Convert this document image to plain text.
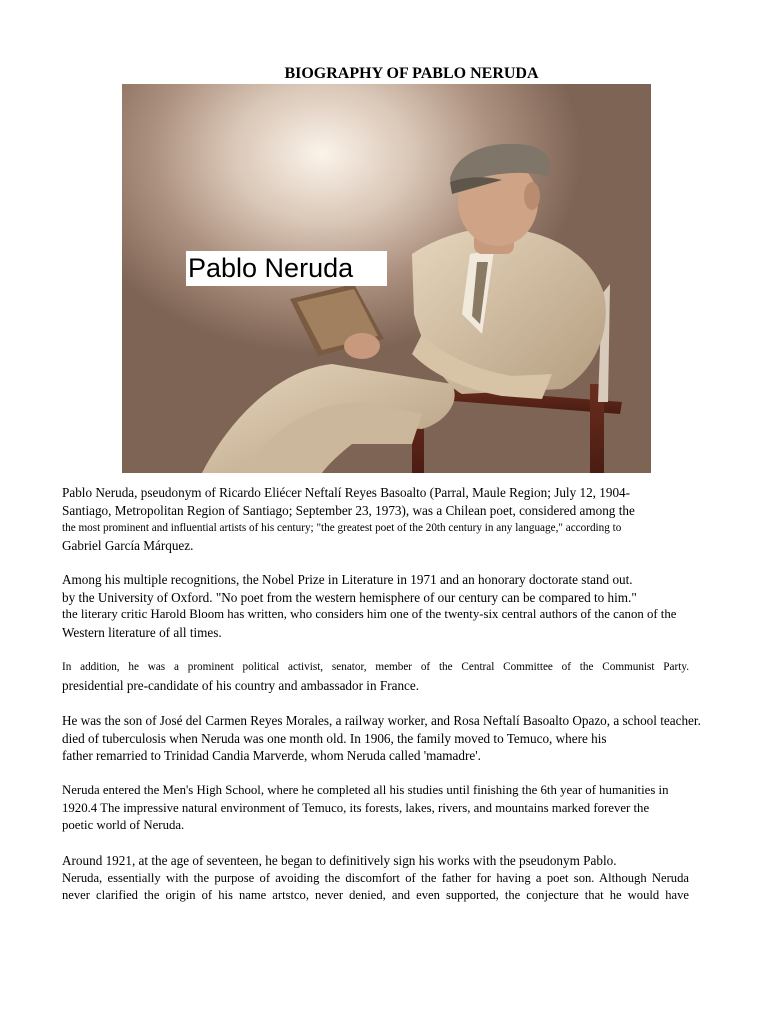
BIOGRAPHY OF PABLO NERUDA
Pablo Neruda
Pablo Neruda, pseudonym of Ricardo Eliécer Neftalí Reyes Basoalto (Parral, Maule Region; July 12, 1904-
Santiago, Metropolitan Region of Santiago; September 23, 1973), was a Chilean poet, considered among the
the most prominent and influential artists of his century; "the greatest poet of the 20th century in any language," according to
Gabriel García Márquez.
Among his multiple recognitions, the Nobel Prize in Literature in 1971 and an honorary doctorate stand out.
by the University of Oxford. "No poet from the western hemisphere of our century can be compared to him."
the literary critic Harold Bloom has written, who considers him one of the twenty-six central authors of the canon of the
Western literature of all times.
In addition, he was a prominent political activist, senator, member of the Central Committee of the Communist Party.
presidential pre-candidate of his country and ambassador in France.
He was the son of José del Carmen Reyes Morales, a railway worker, and Rosa Neftalí Basoalto Opazo, a school teacher.
died of tuberculosis when Neruda was one month old. In 1906, the family moved to Temuco, where his
father remarried to Trinidad Candia Marverde, whom Neruda called 'mamadre'.
Neruda entered the Men's High School, where he completed all his studies until finishing the 6th year of humanities in
1920.4 The impressive natural environment of Temuco, its forests, lakes, rivers, and mountains marked forever the
poetic world of Neruda.
Around 1921, at the age of seventeen, he began to definitively sign his works with the pseudonym Pablo.
Neruda, essentially with the purpose of avoiding the discomfort of the father for having a poet son. Although Neruda
never clarified the origin of his name artstco, never denied, and even supported, the conjecture that he would have
